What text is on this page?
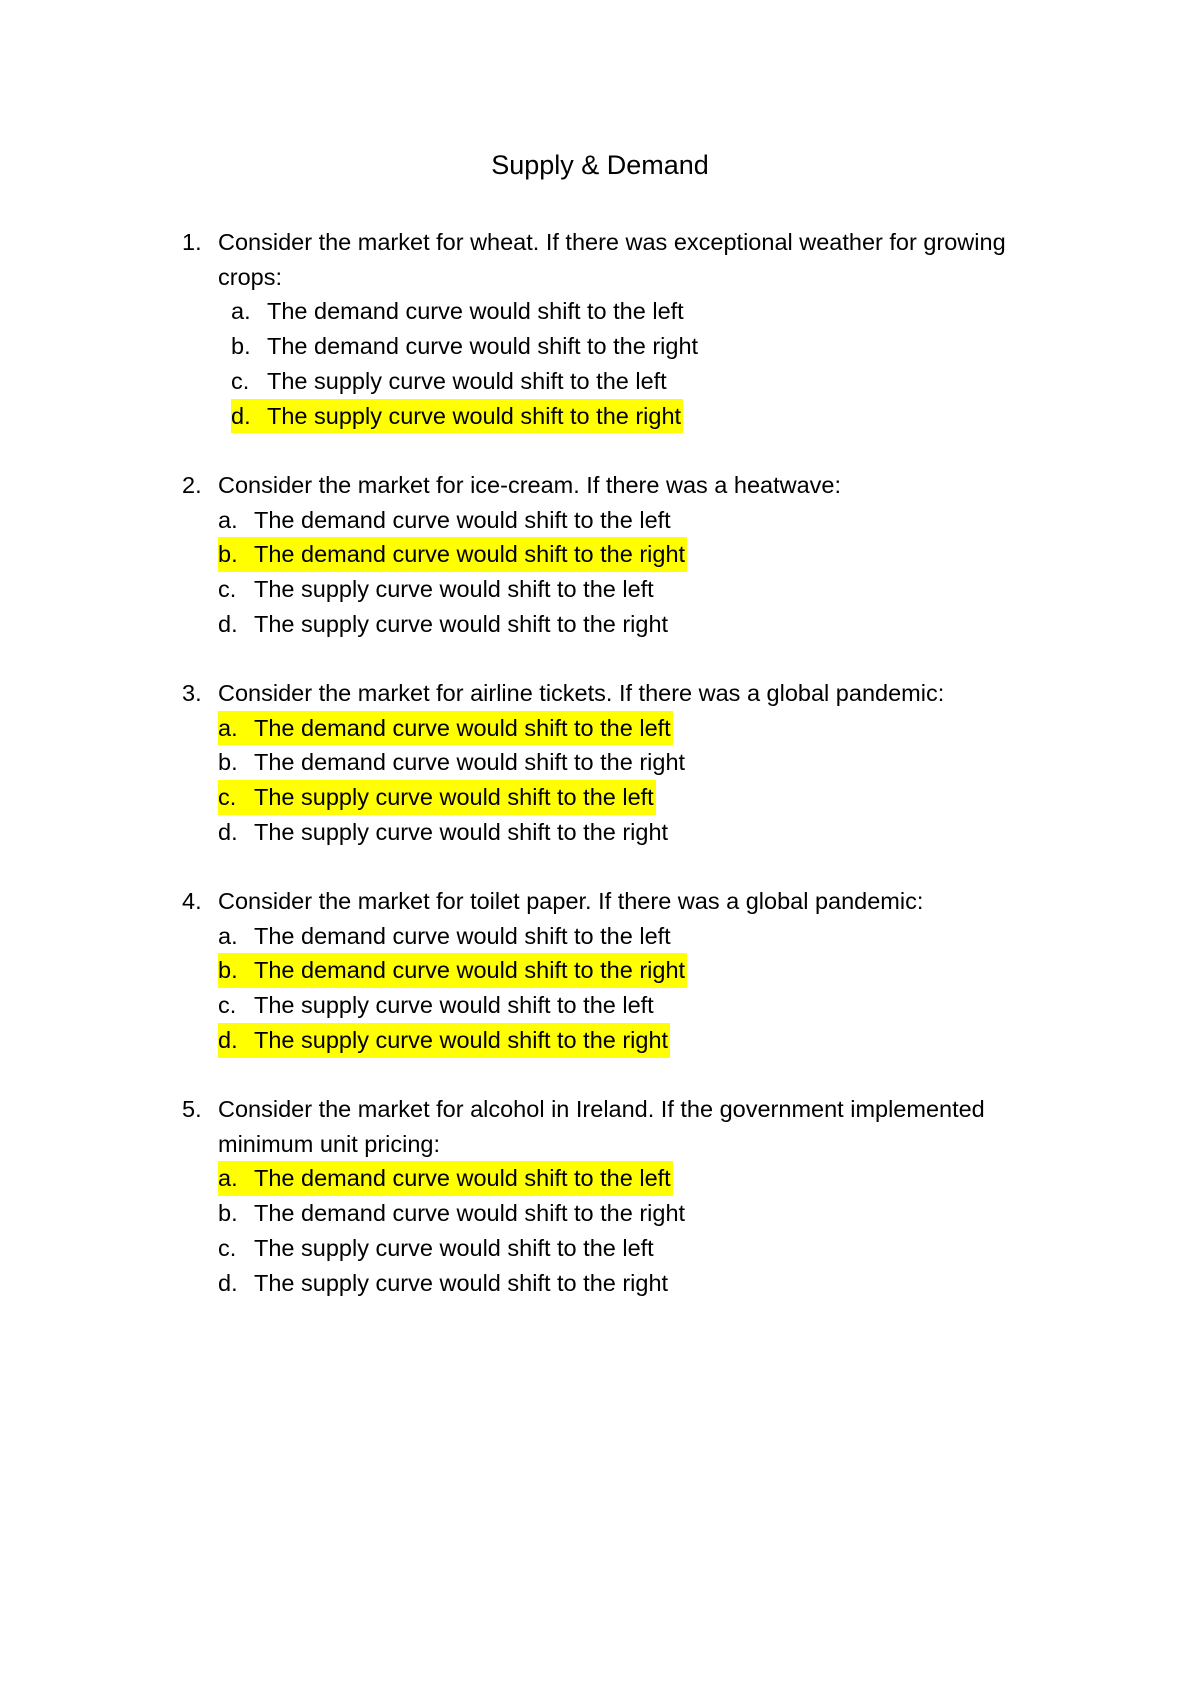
Supply & Demand
1. Consider the market for wheat. If there was exceptional weather for growing crops:
a. The demand curve would shift to the left
b. The demand curve would shift to the right
c. The supply curve would shift to the left
d. The supply curve would shift to the right
2. Consider the market for ice-cream. If there was a heatwave:
a. The demand curve would shift to the left
b. The demand curve would shift to the right
c. The supply curve would shift to the left
d. The supply curve would shift to the right
3. Consider the market for airline tickets. If there was a global pandemic:
a. The demand curve would shift to the left
b. The demand curve would shift to the right
c. The supply curve would shift to the left
d. The supply curve would shift to the right
4. Consider the market for toilet paper. If there was a global pandemic:
a. The demand curve would shift to the left
b. The demand curve would shift to the right
c. The supply curve would shift to the left
d. The supply curve would shift to the right
5. Consider the market for alcohol in Ireland. If the government implemented minimum unit pricing:
a. The demand curve would shift to the left
b. The demand curve would shift to the right
c. The supply curve would shift to the left
d. The supply curve would shift to the right
